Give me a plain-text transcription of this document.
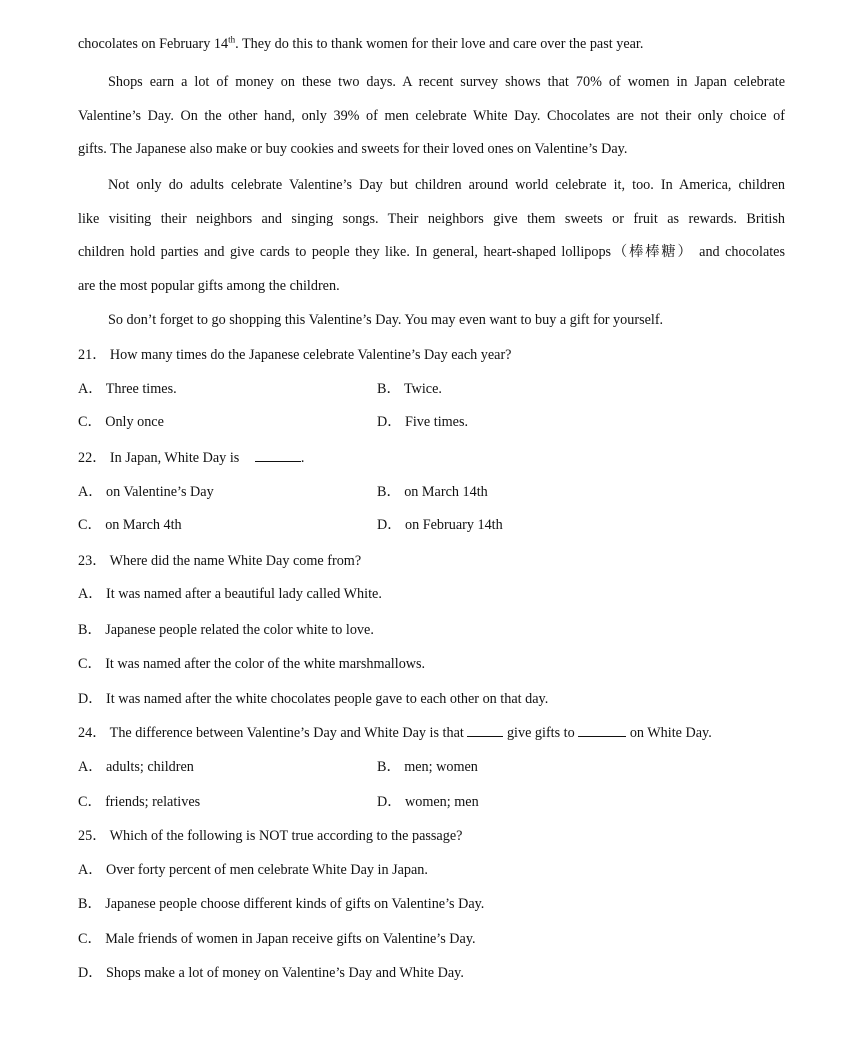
chocolates on February 14th. They do this to thank women for their love and care over the past year.
Shops earn a lot of money on these two days. A recent survey shows that 70% of women in Japan celebrate
Valentine’s Day. On the other hand, only 39% of men celebrate White Day. Chocolates are not their only choice of
gifts. The Japanese also make or buy cookies and sweets for their loved ones on Valentine’s Day.
Not only do adults celebrate Valentine’s Day but children around world celebrate it, too. In America, children
like visiting their neighbors and singing songs. Their neighbors give them sweets or fruit as rewards. British
children hold parties and give cards to people they like. In general, heart-shaped lollipops（棒棒糖） and chocolates
are the most popular gifts among the children.
So don’t forget to go shopping this Valentine’s Day. You may even want to buy a gift for yourself.
21． How many times do the Japanese celebrate Valentine’s Day each year?
A． Three times.	B． Twice.
C． Only once	D． Five times.
22． In Japan, White Day is	.
A． on Valentine’s Day	B． on March 14th
C． on March 4th	D． on February 14th
23． Where did the name White Day come from?
A． It was named after a beautiful lady called White.
B． Japanese people related the color white to love.
C． It was named after the color of the white marshmallows.
D． It was named after the white chocolates people gave to each other on that day.
24． The difference between Valentine’s Day and White Day is that	give gifts to	on White Day.
A． adults; children	B． men; women
C． friends; relatives	D． women; men
25． Which of the following is NOT true according to the passage?
A． Over forty percent of men celebrate White Day in Japan.
B． Japanese people choose different kinds of gifts on Valentine’s Day.
C． Male friends of women in Japan receive gifts on Valentine’s Day.
D． Shops make a lot of money on Valentine’s Day and White Day.
